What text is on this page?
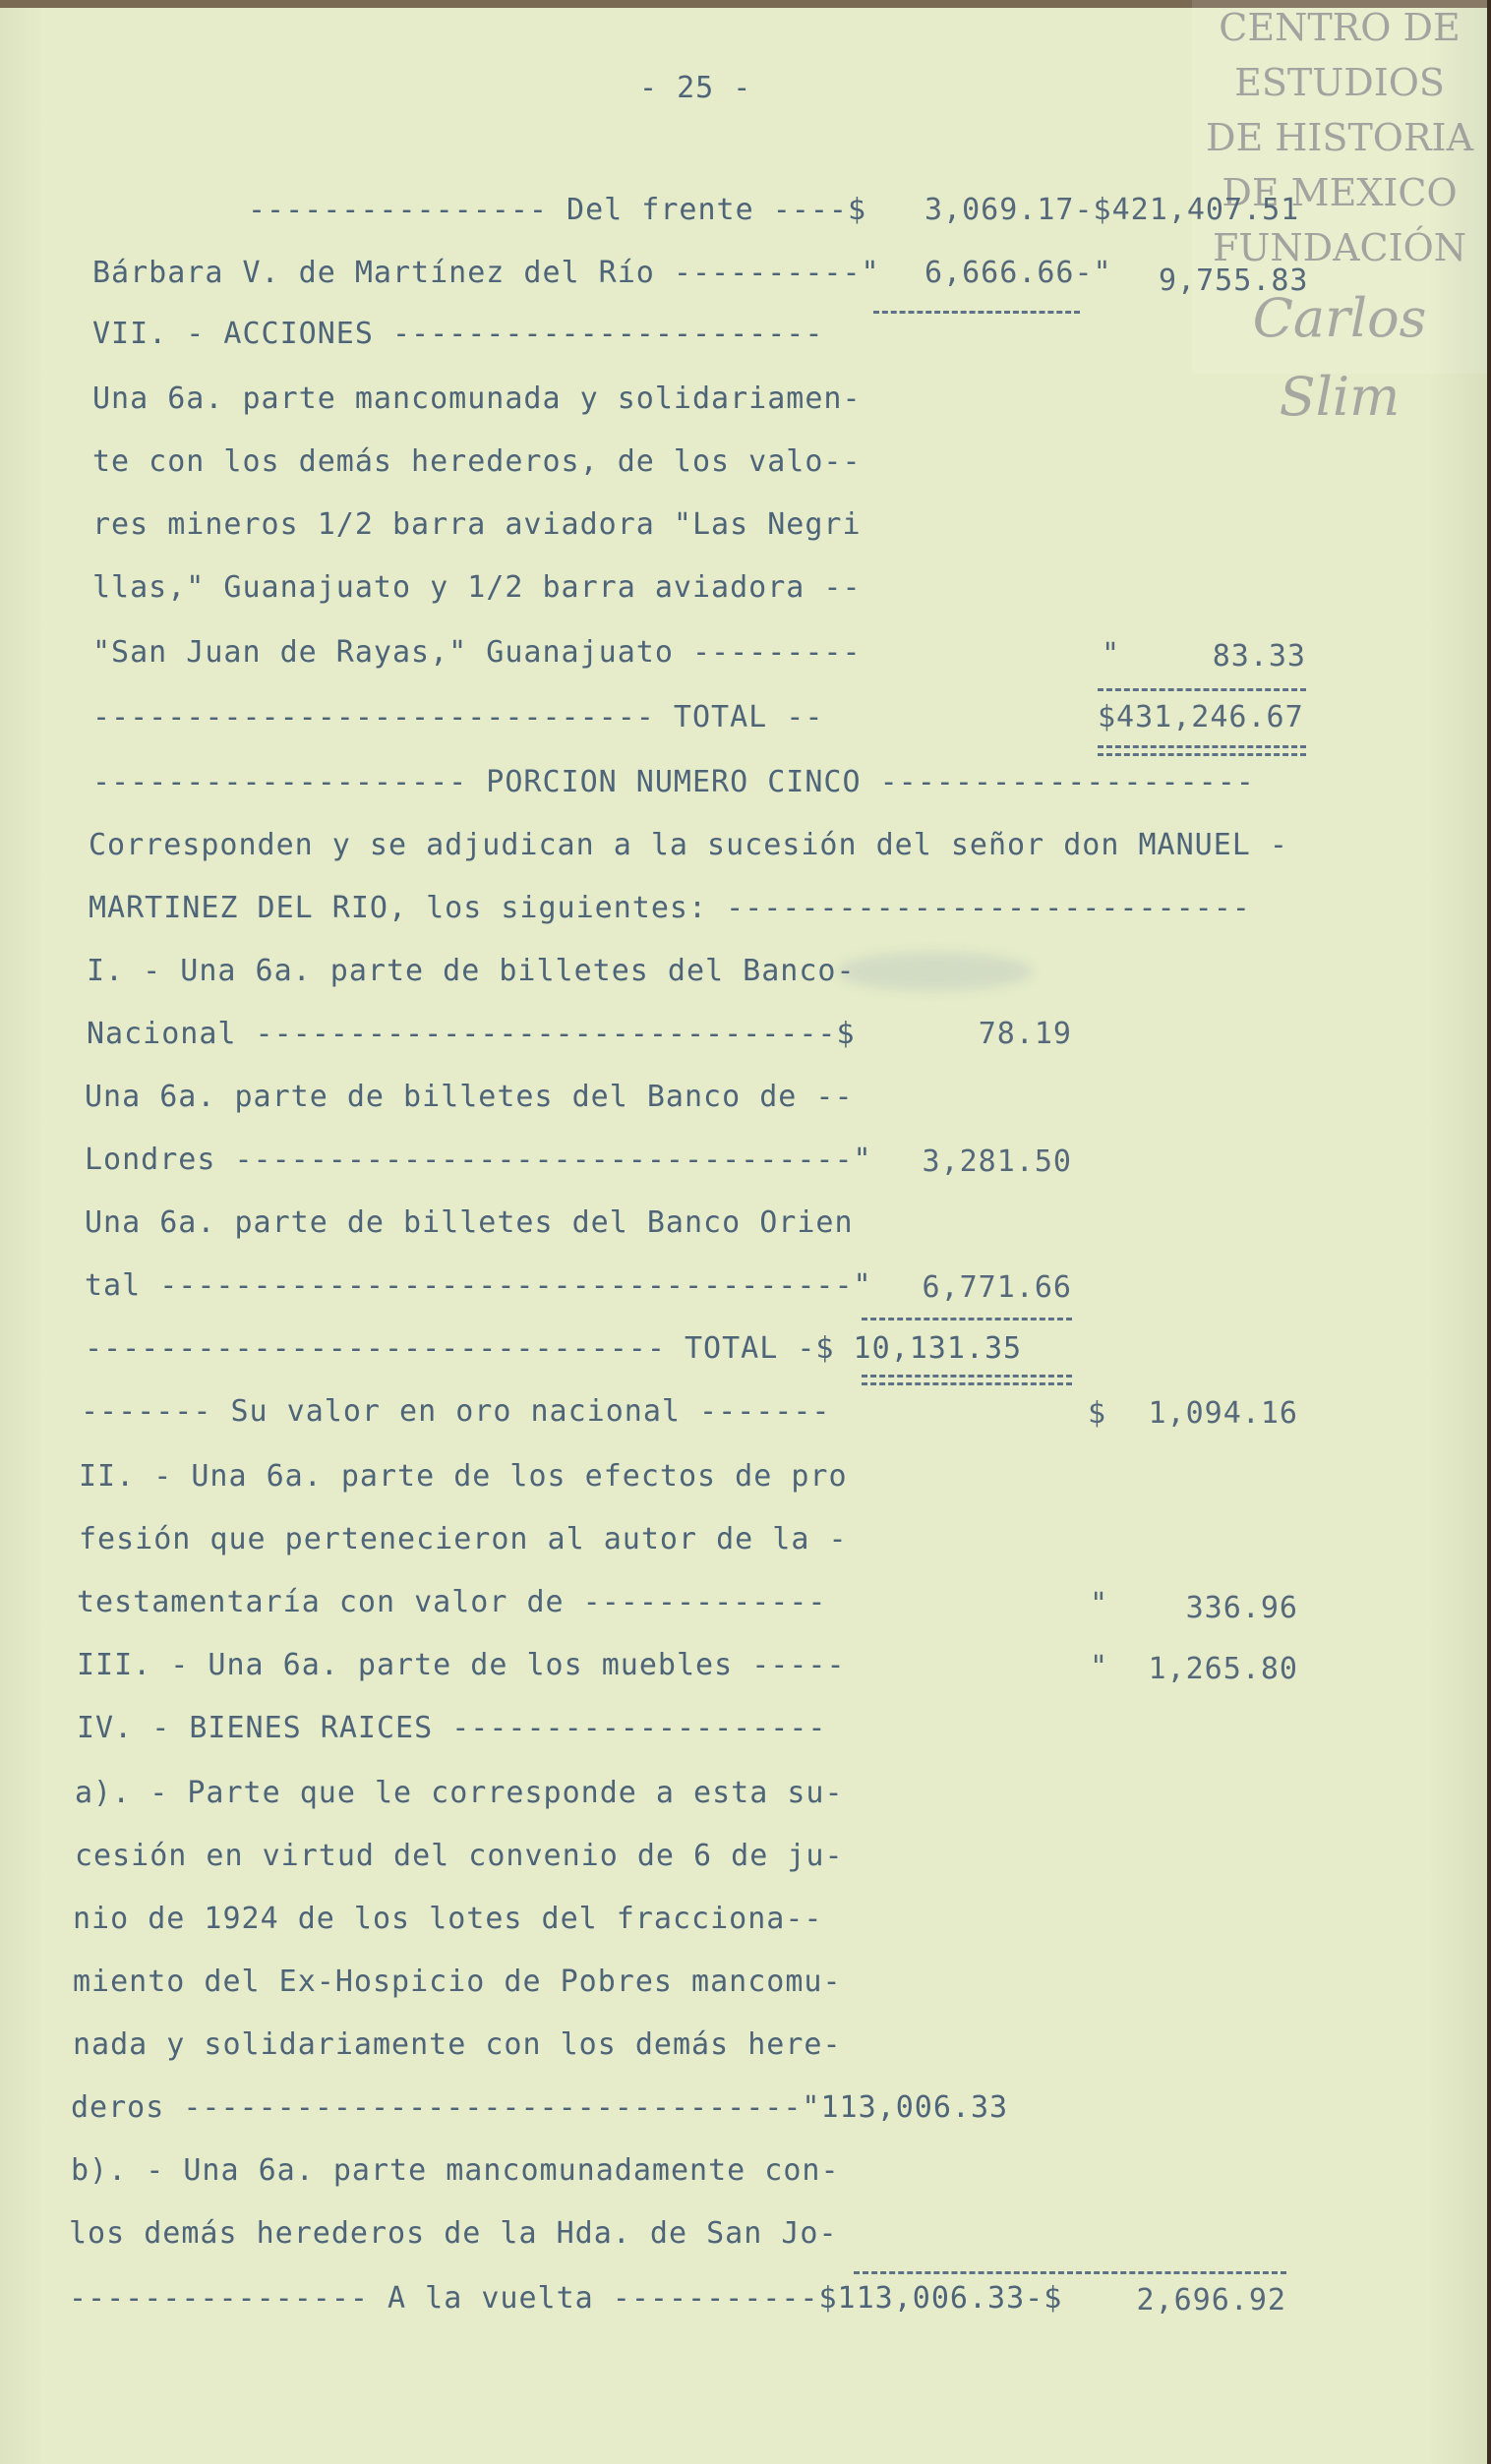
CENTRO DE
ESTUDIOS
DE HISTORIA
DE MEXICO
FUNDACIÓN
Carlos Slim
- 25 -
---------------- Del frente ----$ 3,069.17-$421,407.51
Bárbara V. de Martínez del Río ----------" 6,666.66-" 9,755.83
VII. - ACCIONES -----------------------
Una 6a. parte mancomunada y solidariamen-
te con los demás herederos, de los valo--
res mineros 1/2 barra aviadora "Las Negri
llas," Guanajuato y 1/2 barra aviadora --
"San Juan de Rayas," Guanajuato ---------	"	83.33
------------------------------ TOTAL --	$431,246.67
-------------------- PORCION NUMERO CINCO --------------------
Corresponden y se adjudican a la sucesión del señor don MANUEL -
MARTINEZ DEL RIO, los siguientes: ----------------------------
I. - Una 6a. parte de billetes del Banco-
Nacional -------------------------------$	78.19
Una 6a. parte de billetes del Banco de --
Londres ---------------------------------"	3,281.50
Una 6a. parte de billetes del Banco Orien
tal -------------------------------------"	6,771.66
------------------------------- TOTAL -$ 10,131.35
------- Su valor en oro nacional -------	$	1,094.16
II. - Una 6a. parte de los efectos de pro
fesión que pertenecieron al autor de la -
testamentaría con valor de -------------	"	336.96
III. - Una 6a. parte de los muebles -----	"	1,265.80
IV. - BIENES RAICES --------------------
a). - Parte que le corresponde a esta su-
cesión en virtud del convenio de 6 de ju-
nio de 1924 de los lotes del fracciona--
miento del Ex-Hospicio de Pobres mancomu-
nada y solidariamente con los demás here-
deros ---------------------------------"113,006.33
b). - Una 6a. parte mancomunadamente con-
los demás herederos de la Hda. de San Jo-
---------------- A la vuelta -----------$113,006.33-$	2,696.92
